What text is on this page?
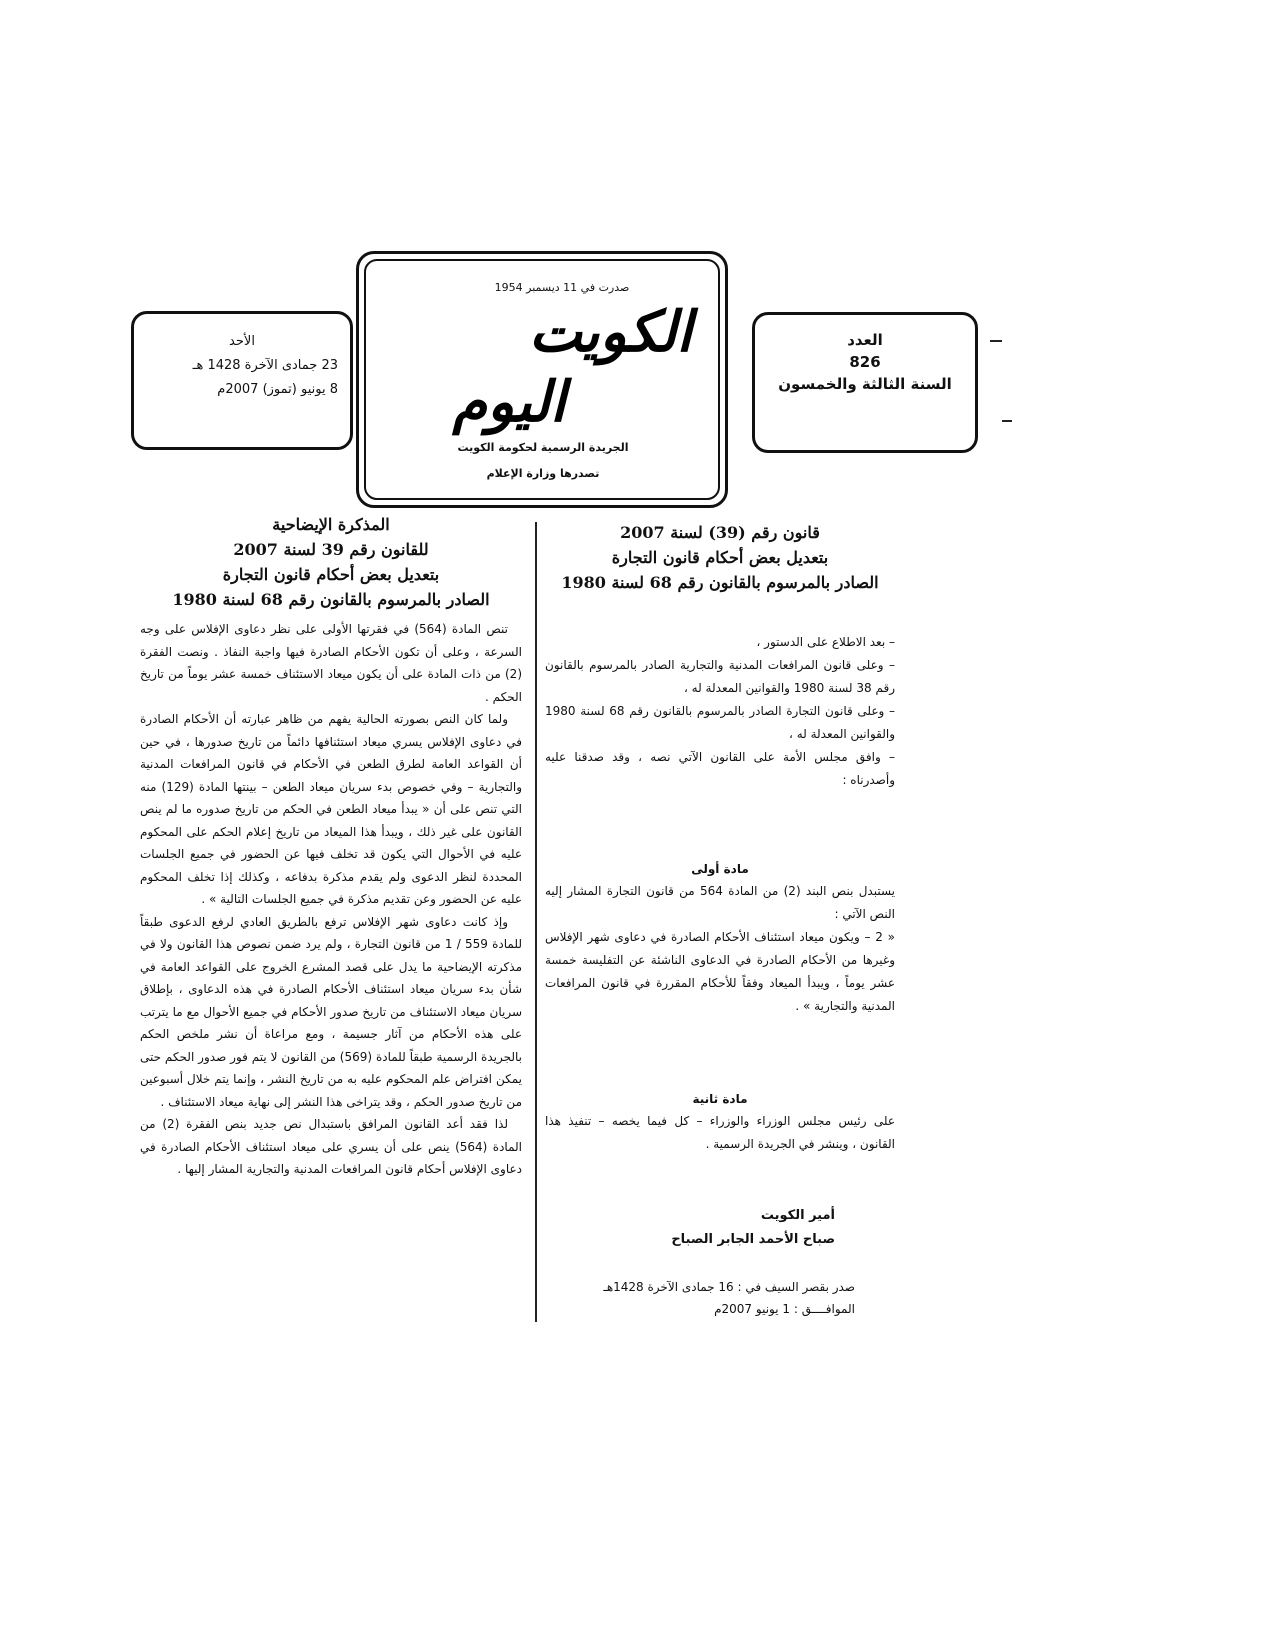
الأحد
23 جمادى الآخرة 1428 هـ
8 يونيو (تموز) 2007م
صدرت في 11 ديسمبر 1954
الكويت
اليوم
الجريدة الرسمية لحكومة الكويت
تصدرها وزارة الإعلام
العدد
826
السنة الثالثة والخمسون

قانون رقم (39) لسنة 2007

بتعديل بعض أحكام قانون التجارة

الصادر بالمرسوم بالقانون رقم 68 لسنة 1980

– بعد الاطلاع على الدستور ،

– وعلى قانون المرافعات المدنية والتجارية الصادر بالمرسوم بالقانون رقم 38 لسنة 1980 والقوانين المعدلة له ،

– وعلى قانون التجارة الصادر بالمرسوم بالقانون رقم 68 لسنة 1980 والقوانين المعدلة له ،

– وافق مجلس الأمة على القانون الآتي نصه ، وقد صدقنا عليه وأصدرناه :

مادة أولى

يستبدل بنص البند (2) من المادة 564 من قانون التجارة المشار إليه النص الآتي :

« 2 – ويكون ميعاد استئناف الأحكام الصادرة في دعاوى شهر الإفلاس وغيرها من الأحكام الصادرة في الدعاوى الناشئة عن التفليسة خمسة عشر يوماً ، ويبدأ الميعاد وفقاً للأحكام المقررة في قانون المرافعات المدنية والتجارية » .

مادة ثانية

على رئيس مجلس الوزراء والوزراء – كل فيما يخصه – تنفيذ هذا القانون ، وينشر في الجريدة الرسمية .

أمير الكويت

صباح الأحمد الجابر الصباح

صدر بقصر السيف في : 16 جمادى الآخرة 1428هـ

الموافــــق : 1 يونيو 2007م

المذكرة الإيضاحية

للقانون رقم 39 لسنة 2007

بتعديل بعض أحكام قانون التجارة

الصادر بالمرسوم بالقانون رقم 68 لسنة 1980

تنص المادة (564) في فقرتها الأولى على نظر دعاوى الإفلاس على وجه السرعة ، وعلى أن تكون الأحكام الصادرة فيها واجبة النفاذ . ونصت الفقرة (2) من ذات المادة على أن يكون ميعاد الاستئناف خمسة عشر يوماً من تاريخ الحكم .

ولما كان النص بصورته الحالية يفهم من ظاهر عبارته أن الأحكام الصادرة في دعاوى الإفلاس يسري ميعاد استئنافها دائماً من تاريخ صدورها ، في حين أن القواعد العامة لطرق الطعن في الأحكام في قانون المرافعات المدنية والتجارية – وفي خصوص بدء سريان ميعاد الطعن – بينتها المادة (129) منه التي تنص على أن « يبدأ ميعاد الطعن في الحكم من تاريخ صدوره ما لم ينص القانون على غير ذلك ، ويبدأ هذا الميعاد من تاريخ إعلام الحكم على المحكوم عليه في الأحوال التي يكون قد تخلف فيها عن الحضور في جميع الجلسات المحددة لنظر الدعوى ولم يقدم مذكرة بدفاعه ، وكذلك إذا تخلف المحكوم عليه عن الحضور وعن تقديم مذكرة في جميع الجلسات التالية » .

وإذ كانت دعاوى شهر الإفلاس ترفع بالطريق العادي لرفع الدعوى طبقاً للمادة 559 / 1 من قانون التجارة ، ولم يرد ضمن نصوص هذا القانون ولا في مذكرته الإيضاحية ما يدل على قصد المشرع الخروج على القواعد العامة في شأن بدء سريان ميعاد استئناف الأحكام الصادرة في هذه الدعاوى ، بإطلاق سريان ميعاد الاستئناف من تاريخ صدور الأحكام في جميع الأحوال مع ما يترتب على هذه الأحكام من آثار جسيمة ، ومع مراعاة أن نشر ملخص الحكم بالجريدة الرسمية طبقاً للمادة (569) من القانون لا يتم فور صدور الحكم حتى يمكن افتراض علم المحكوم عليه به من تاريخ النشر ، وإنما يتم خلال أسبوعين من تاريخ صدور الحكم ، وقد يتراخى هذا النشر إلى نهاية ميعاد الاستئناف .

لذا فقد أعد القانون المرافق باستبدال نص جديد بنص الفقرة (2) من المادة (564) ينص على أن يسري على ميعاد استئناف الأحكام الصادرة في دعاوى الإفلاس أحكام قانون المرافعات المدنية والتجارية المشار إليها .
